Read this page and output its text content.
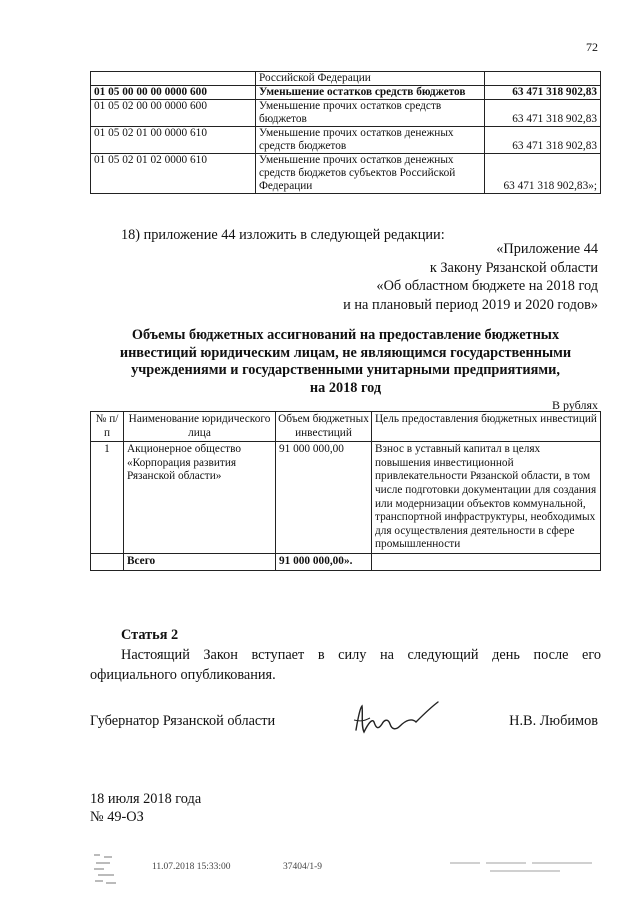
72
	Российской Федерации	
01 05 00 00 00 0000 600	Уменьшение остатков средств бюджетов	63 471 318 902,83
01 05 02 00 00 0000 600	Уменьшение прочих остатков средств бюджетов	63 471 318 902,83
01 05 02 01 00 0000 610	Уменьшение прочих остатков денежных средств бюджетов	63 471 318 902,83
01 05 02 01 02 0000 610	Уменьшение прочих остатков денежных средств бюджетов субъектов Российской Федерации	63 471 318 902,83»;
18) приложение 44 изложить в следующей редакции:
«Приложение 44
к Закону Рязанской области
«Об областном бюджете на 2018 год
и на плановый период 2019 и 2020 годов»
Объемы бюджетных ассигнований на предоставление бюджетных
инвестиций юридическим лицам, не являющимся государственными
учреждениями и государственными унитарными предприятиями,
на 2018 год
В рублях
№ п/п	Наименование юридического лица	Объем бюджетных инвестиций	Цель предоставления бюджетных инвестиций
1	Акционерное общество «Корпорация развития Рязанской области»	91 000 000,00	Взнос в уставный капитал в целях повышения инвестиционной привлекательности Рязанской области, в том числе подготовки документации для создания или модернизации объектов коммунальной, транспортной инфраструктуры, необходимых для осуществления деятельности в сфере промышленности
	Всего	91 000 000,00».	
Статья 2
Настоящий Закон вступает в силу на следующий день после его официального опубликования.
Губернатор Рязанской области	Н.В. Любимов
18 июля 2018 года
№ 49-ОЗ
11.07.2018 15:33:00	37404/1-9
